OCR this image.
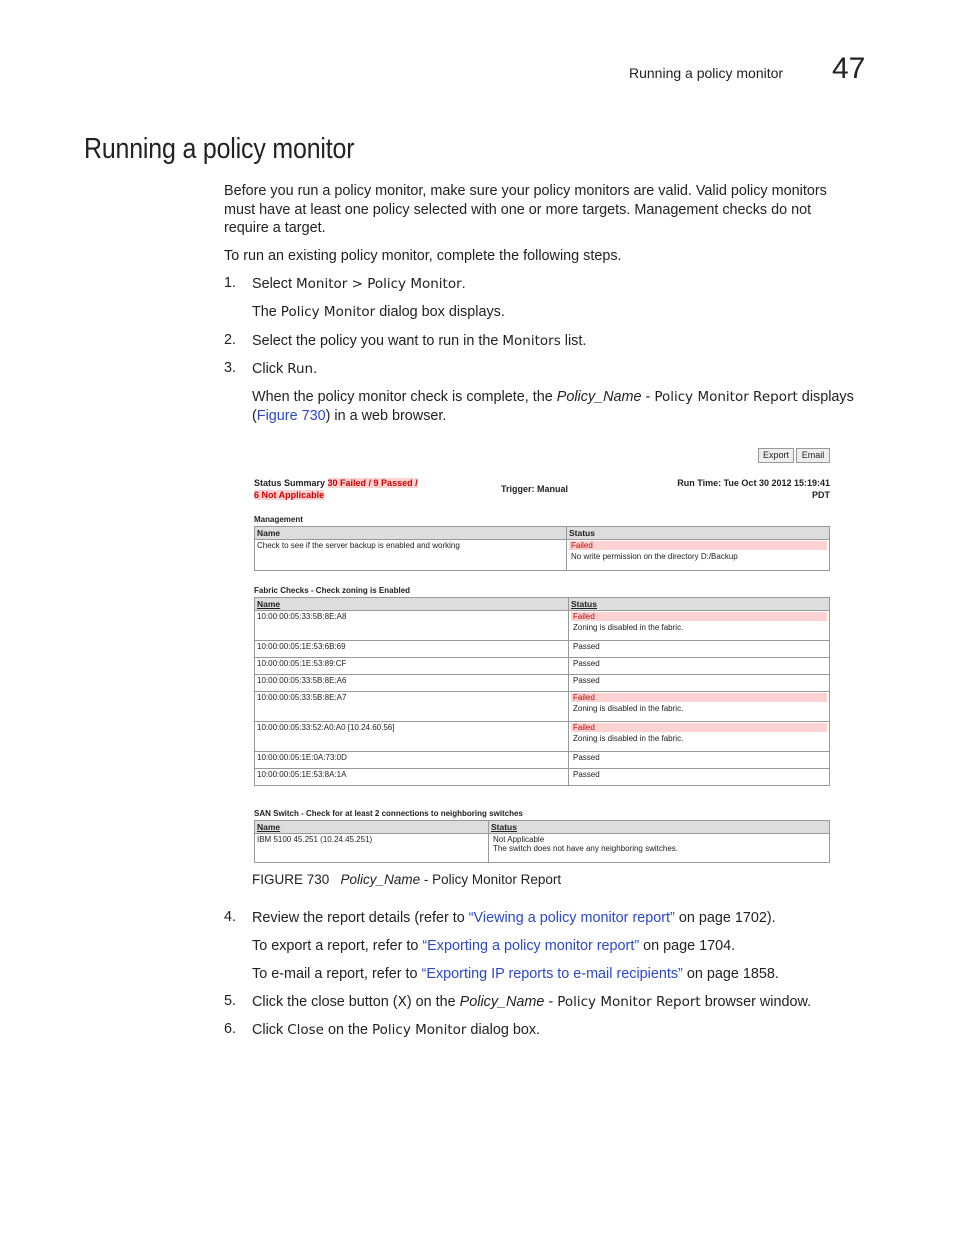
Running a policy monitor 47
Running a policy monitor
Before you run a policy monitor, make sure your policy monitors are valid. Valid policy monitors must have at least one policy selected with one or more targets. Management checks do not require a target.
To run an existing policy monitor, complete the following steps.
1. Select Monitor > Policy Monitor.
The Policy Monitor dialog box displays.
2. Select the policy you want to run in the Monitors list.
3. Click Run.
When the policy monitor check is complete, the Policy_Name - Policy Monitor Report displays (Figure 730) in a web browser.
Export	Email
Status Summary 30 Failed / 9 Passed /
6 Not Applicable
Trigger: Manual
Run Time: Tue Oct 30 2012 15:19:41
PDT
Management
Name	Status
Check to see if the server backup is enabled and working	Failed
No write permission on the directory D:/Backup
Fabric Checks - Check zoning is Enabled
Name	Status
10:00:00:05:33:5B:8E:A8	Failed
Zoning is disabled in the fabric.

10:00:00:05:1E:53:6B:69	Passed

10:00:00:05:1E:53:89:CF	Passed

10:00:00:05:33:5B:8E:A6	Passed

10:00:00:05:33:5B:8E:A7	Failed
Zoning is disabled in the fabric.

10:00:00:05:33:52:A0:A0 [10.24.60.56]	Failed
Zoning is disabled in the fabric.

10:00:00:05:1E:0A:73:0D	Passed

10:00:00:05:1E:53:8A:1A	Passed
SAN Switch - Check for at least 2 connections to neighboring switches
Name	Status
IBM 5100 45.251 (10.24.45.251)	Not Applicable
The switch does not have any neighboring switches.
FIGURE 730 Policy_Name - Policy Monitor Report
4. Review the report details (refer to “Viewing a policy monitor report” on page 1702).
To export a report, refer to “Exporting a policy monitor report” on page 1704.
To e-mail a report, refer to “Exporting IP reports to e-mail recipients” on page 1858.
5. Click the close button (X) on the Policy_Name - Policy Monitor Report browser window.
6. Click Close on the Policy Monitor dialog box.
